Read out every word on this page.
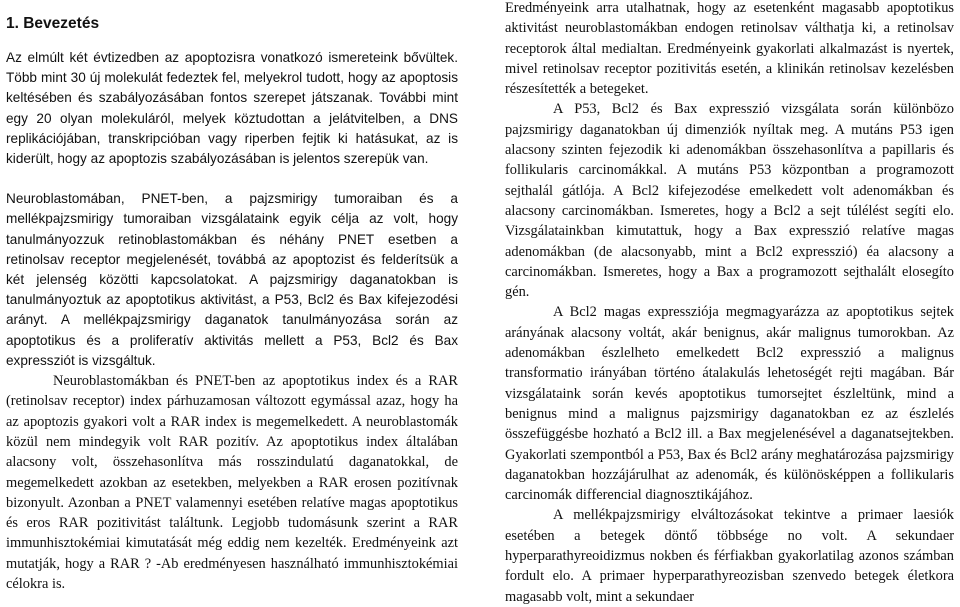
1. Bevezetés

Az elmúlt két évtizedben az apoptozisra vonatkozó ismereteink bővültek. Több mint 30 új molekulát fedeztek fel, melyekrol tudott, hogy az apoptosis keltésében és szabályozásában fontos szerepet játszanak. További mint egy 20 olyan molekuláról, melyek köztudottan a jelátvitelben, a DNS replikációjában, transkripcióban vagy riperben fejtik ki hatásukat, az is kiderült, hogy az apoptozis szabályozásában is jelentos szerepük van.

Neuroblastomában, PNET-ben, a pajzsmirigy tumoraiban és a mellékpajzsmirigy tumoraiban vizsgálataink egyik célja az volt, hogy tanulmányozzuk retinoblastomákban és néhány PNET esetben a retinolsav receptor megjelenését, továbbá az apoptozist és felderítsük a két jelenség közötti kapcsolatokat. A pajzsmirigy daganatokban is tanulmányoztuk az apoptotikus aktivitást, a P53, Bcl2 és Bax kifejezodési arányt. A mellékpajzsmirigy daganatok tanulmányozása során az apoptotikus és a proliferatív aktivitás mellett a P53, Bcl2 és Bax expressziót is vizsgáltuk.

Neuroblastomákban és PNET-ben az apoptotikus index és a RAR (retinolsav receptor) index párhuzamosan változott egymással azaz, hogy ha az apoptozis gyakori volt a RAR index is megemelkedett. A neuroblastomák közül nem mindegyik volt RAR pozitív. Az apoptotikus index általában alacsony volt, összehasonlítva más rosszindulatú daganatokkal, de megemelkedett azokban az esetekben, melyekben a RAR erosen pozitívnak bizonyult. Azonban a PNET valamennyi esetében relatíve magas apoptotikus és eros RAR pozitivitást találtunk. Legjobb tudomásunk szerint a RAR immunhisztokémiai kimutatását még eddig nem kezelték. Eredményeink azt mutatják, hogy a RAR ? -Ab eredményesen használható immunhisztokémiai célokra is.

Eredményeink arra utalhatnak, hogy az esetenként magasabb apoptotikus aktivitást neuroblastomákban endogen retinolsav válthatja ki, a retinolsav receptorok által medialtan. Eredményeink gyakorlati alkalmazást is nyertek, mivel retinolsav receptor pozitivitás esetén, a klinikán retinolsav kezelésben részesítették a betegeket.

A P53, Bcl2 és Bax expresszió vizsgálata során különbözo pajzsmirigy daganatokban új dimenziók nyíltak meg. A mutáns P53 igen alacsony szinten fejezodik ki adenomákban összehasonlítva a papillaris és follikularis carcinomákkal. A mutáns P53 központban a programozott sejthalál gátlója. A Bcl2 kifejezodése emelkedett volt adenomákban és alacsony carcinomákban. Ismeretes, hogy a Bcl2 a sejt túlélést segíti elo. Vizsgálatainkban kimutattuk, hogy a Bax expresszió relatíve magas adenomákban (de alacsonyabb, mint a Bcl2 expresszió) éa alacsony a carcinomákban. Ismeretes, hogy a Bax a programozott sejthalált elosegíto gén.

A Bcl2 magas expressziója megmagyarázza az apoptotikus sejtek arányának alacsony voltát, akár benignus, akár malignus tumorokban. Az adenomákban észlelheto emelkedett Bcl2 expresszió a malignus transformatio irányában történo átalakulás lehetoségét rejti magában. Bár vizsgálataink során kevés apoptotikus tumorsejtet észleltünk, mind a benignus mind a malignus pajzsmirigy daganatokban ez az észlelés összefüggésbe hozható a Bcl2 ill. a Bax megjelenésével a daganatsejtekben. Gyakorlati szempontból a P53, Bax és Bcl2 arány meghatározása pajzsmirigy daganatokban hozzájárulhat az adenomák, és különösképpen a follikularis carcinomák differencial diagnosztikájához.

A mellékpajzsmirigy elváltozásokat tekintve a primaer laesiók esetében a betegek döntő többsége no volt. A sekundaer hyperparathyreoidizmus nokben és férfiakban gyakorlatilag azonos számban fordult elo. A primaer hyperparathyreozisban szenvedo betegek életkora magasabb volt, mint a sekundaer
